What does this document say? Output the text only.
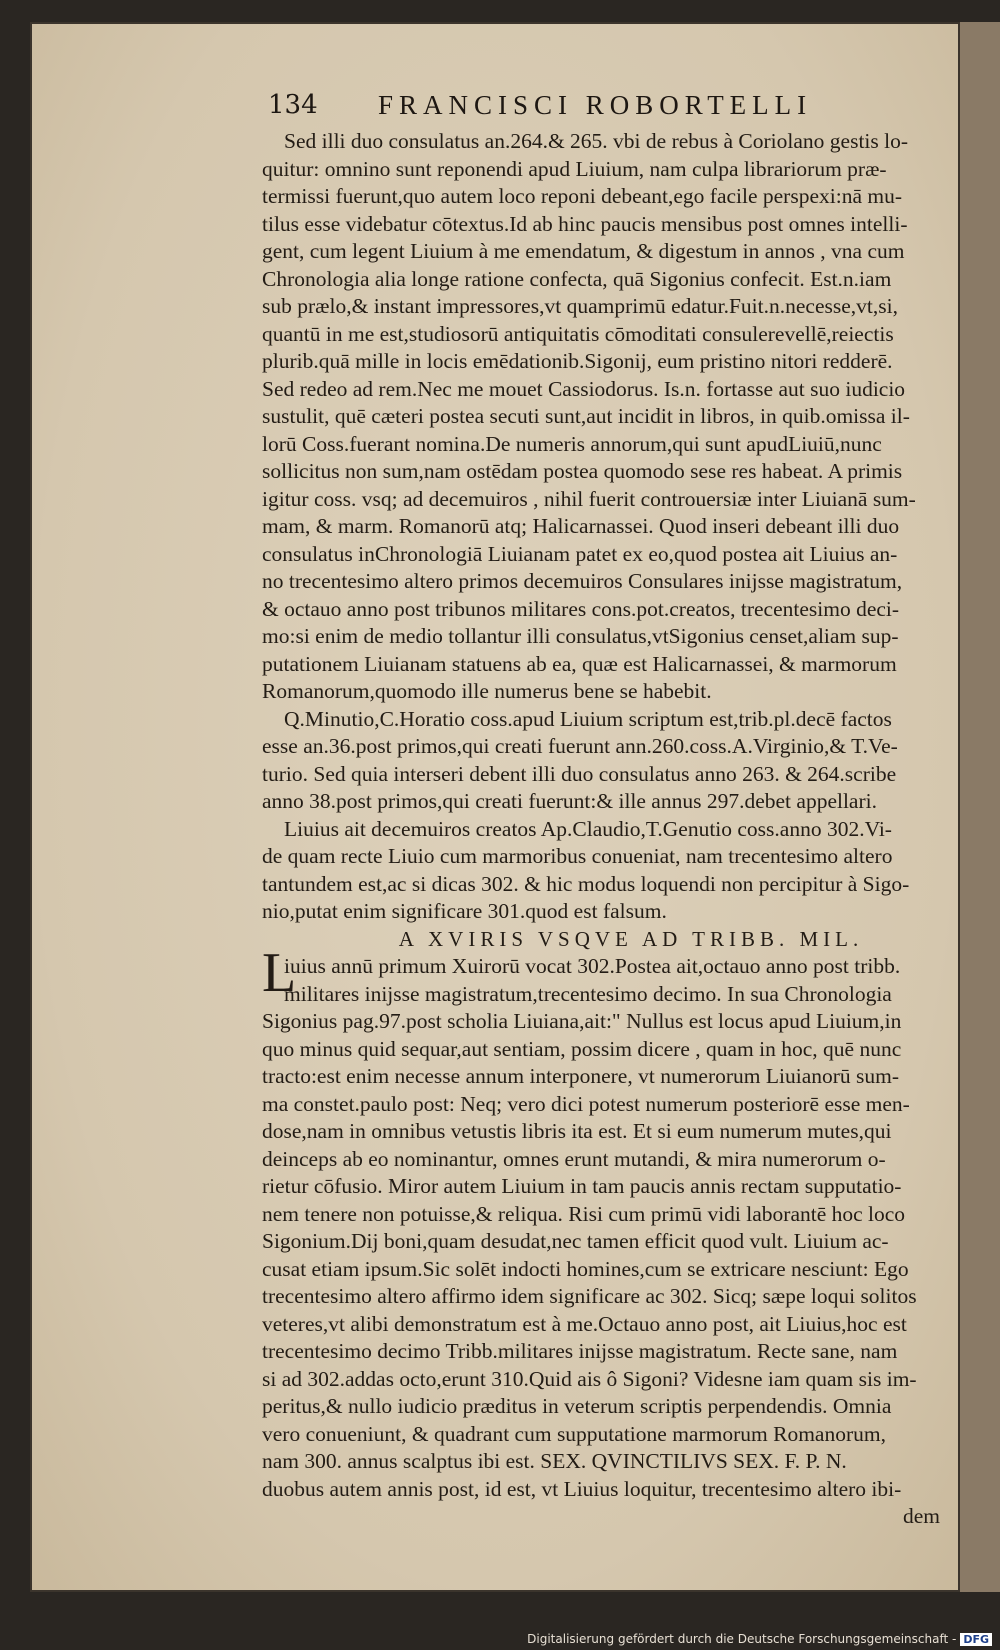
134 FRANCISCI ROBORTELLI
L
Sed illi duo consulatus an.264.& 265. vbi de rebus à Coriolano gestis lo-
quitur: omnino sunt reponendi apud Liuium, nam culpa librariorum præ-
termissi fuerunt,quo autem loco reponi debeant,ego facile perspexi:nā mu-
tilus esse videbatur cōtextus.Id ab hinc paucis mensibus post omnes intelli-
gent, cum legent Liuium à me emendatum, & digestum in annos , vna cum
Chronologia alia longe ratione confecta, quā Sigonius confecit. Est.n.iam
sub prælo,& instant impressores,vt quamprimū edatur.Fuit.n.necesse,vt,si,
quantū in me est,studiosorū antiquitatis cōmoditati consulerevellē,reiectis
plurib.quā mille in locis emēdationib.Sigonij, eum pristino nitori redderē.
Sed redeo ad rem.Nec me mouet Cassiodorus. Is.n. fortasse aut suo iudicio
sustulit, quē cæteri postea secuti sunt,aut incidit in libros, in quib.omissa il-
lorū Coss.fuerant nomina.De numeris annorum,qui sunt apudLiuiū,nunc
sollicitus non sum,nam ostēdam postea quomodo sese res habeat. A primis
igitur coss. vsq; ad decemuiros , nihil fuerit controuersiæ inter Liuianā sum-
mam, & marm. Romanorū atq; Halicarnassei. Quod inseri debeant illi duo
consulatus inChronologiā Liuianam patet ex eo,quod postea ait Liuius an-
no trecentesimo altero primos decemuiros Consulares inijsse magistratum,
& octauo anno post tribunos militares cons.pot.creatos, trecentesimo deci-
mo:si enim de medio tollantur illi consulatus,vtSigonius censet,aliam sup-
putationem Liuianam statuens ab ea, quæ est Halicarnassei, & marmorum
Romanorum,quomodo ille numerus bene se habebit.
Q.Minutio,C.Horatio coss.apud Liuium scriptum est,trib.pl.decē factos
esse an.36.post primos,qui creati fuerunt ann.260.coss.A.Virginio,& T.Ve-
turio. Sed quia interseri debent illi duo consulatus anno 263. & 264.scribe
anno 38.post primos,qui creati fuerunt:& ille annus 297.debet appellari.
Liuius ait decemuiros creatos Ap.Claudio,T.Genutio coss.anno 302.Vi-
de quam recte Liuio cum marmoribus conueniat, nam trecentesimo altero
tantundem est,ac si dicas 302. & hic modus loquendi non percipitur à Sigo-
nio,putat enim significare 301.quod est falsum.
A XVIRIS VSQVE AD TRIBB. MIL.
iuius annū primum Xuirorū vocat 302.Postea ait,octauo anno post tribb.
militares inijsse magistratum,trecentesimo decimo. In sua Chronologia
Sigonius pag.97.post scholia Liuiana,ait:" Nullus est locus apud Liuium,in
quo minus quid sequar,aut sentiam, possim dicere , quam in hoc, quē nunc
tracto:est enim necesse annum interponere, vt numerorum Liuianorū sum-
ma constet.paulo post: Neq; vero dici potest numerum posteriorē esse men-
dose,nam in omnibus vetustis libris ita est. Et si eum numerum mutes,qui
deinceps ab eo nominantur, omnes erunt mutandi, & mira numerorum o-
rietur cōfusio. Miror autem Liuium in tam paucis annis rectam supputatio-
nem tenere non potuisse,& reliqua. Risi cum primū vidi laborantē hoc loco
Sigonium.Dij boni,quam desudat,nec tamen efficit quod vult. Liuium ac-
cusat etiam ipsum.Sic solēt indocti homines,cum se extricare nesciunt: Ego
trecentesimo altero affirmo idem significare ac 302. Sicq; sæpe loqui solitos
veteres,vt alibi demonstratum est à me.Octauo anno post, ait Liuius,hoc est
trecentesimo decimo Tribb.militares inijsse magistratum. Recte sane, nam
si ad 302.addas octo,erunt 310.Quid ais ô Sigoni? Videsne iam quam sis im-
peritus,& nullo iudicio præditus in veterum scriptis perpendendis. Omnia
vero conueniunt, & quadrant cum supputatione marmorum Romanorum,
nam 300. annus scalptus ibi est. SEX. QVINCTILIVS SEX. F. P. N.
duobus autem annis post, id est, vt Liuius loquitur, trecentesimo altero ibi-
dem
Digitalisierung gefördert durch die Deutsche Forschungsgemeinschaft - DFG
